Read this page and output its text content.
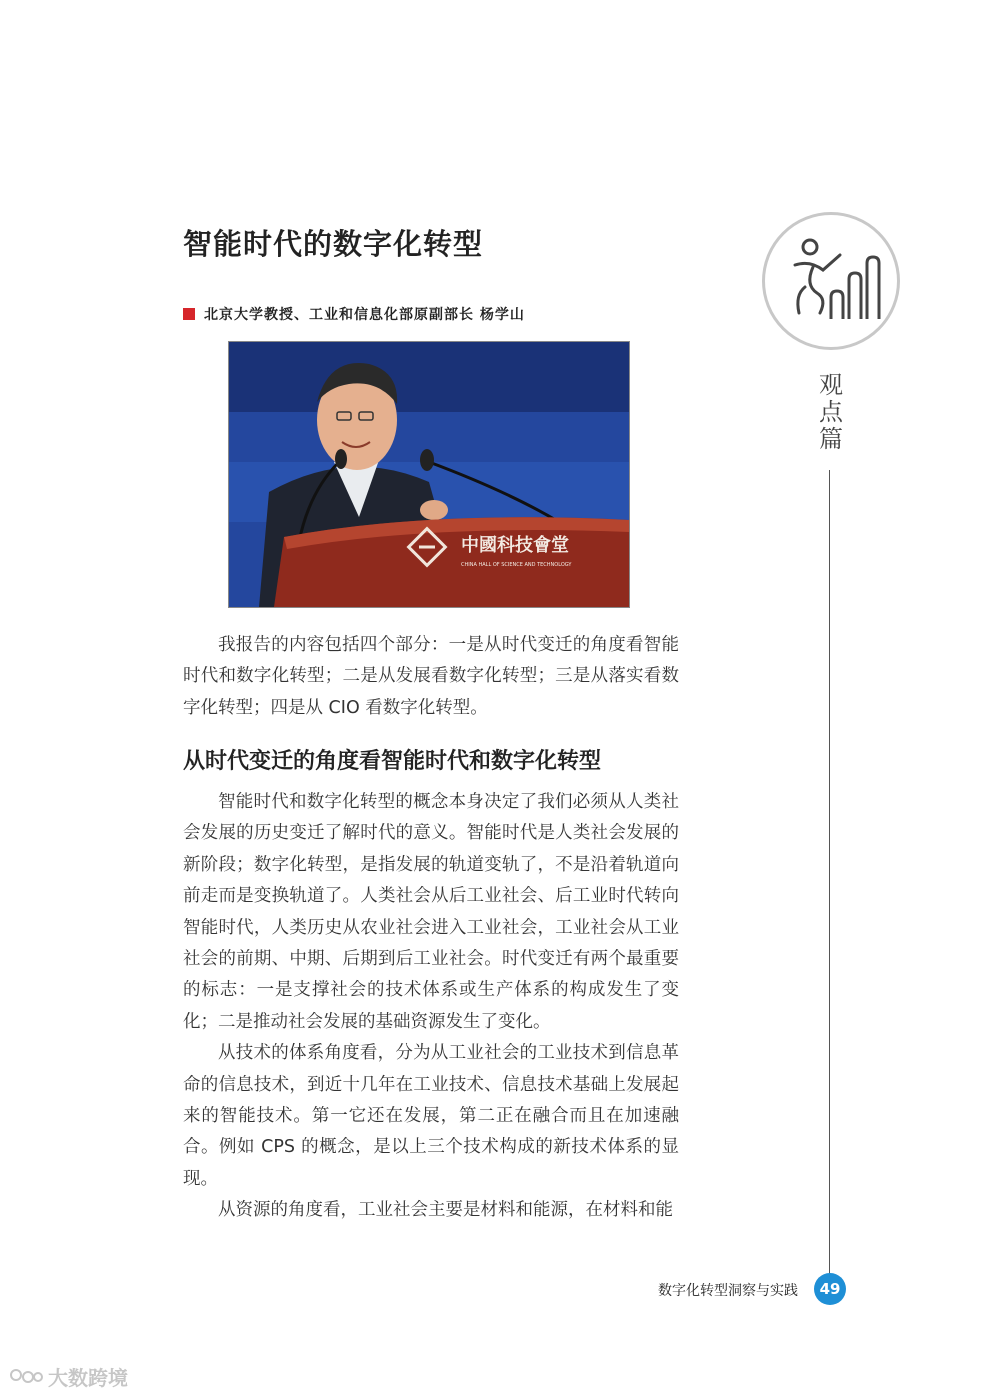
智能时代的数字化转型
北京大学教授、工业和信息化部原副部长 杨学山
中國科技會堂
CHINA HALL OF SCIENCE AND TECHNOLOGY

我报告的内容包括四个部分：一是从时代变迁的角度看智能时代和数字化转型；二是从发展看数字化转型；三是从落实看数字化转型；四是从 CIO 看数字化转型。

从时代变迁的角度看智能时代和数字化转型

智能时代和数字化转型的概念本身决定了我们必须从人类社会发展的历史变迁了解时代的意义。智能时代是人类社会发展的新阶段；数字化转型，是指发展的轨道变轨了，不是沿着轨道向前走而是变换轨道了。人类社会从后工业社会、后工业时代转向智能时代，人类历史从农业社会进入工业社会，工业社会从工业社会的前期、中期、后期到后工业社会。时代变迁有两个最重要的标志：一是支撑社会的技术体系或生产体系的构成发生了变化；二是推动社会发展的基础资源发生了变化。

从技术的体系角度看，分为从工业社会的工业技术到信息革命的信息技术，到近十几年在工业技术、信息技术基础上发展起来的智能技术。第一它还在发展，第二正在融合而且在加速融合。例如 CPS 的概念，是以上三个技术构成的新技术体系的显现。

从资源的角度看，工业社会主要是材料和能源，在材料和能

观点篇
数字化转型洞察与实践	49
大数跨境
